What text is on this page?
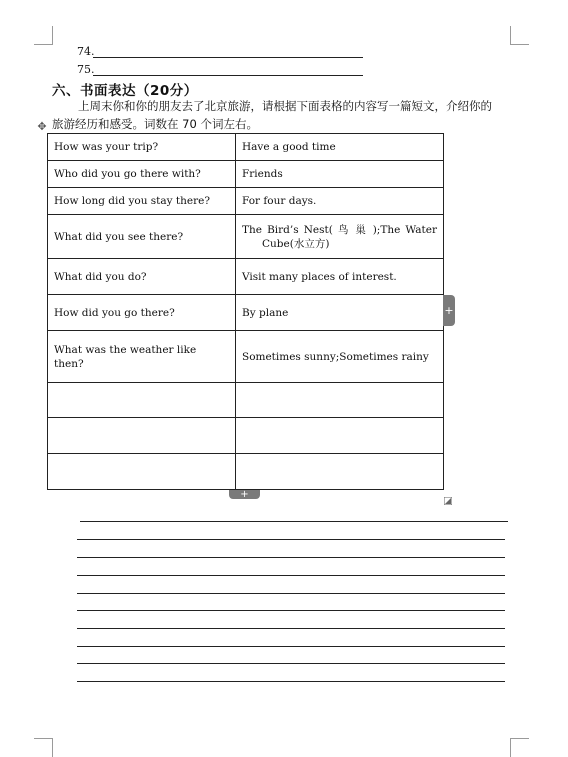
74.
75.
六、书面表达（20分）

上周末你和你的朋友去了北京旅游，请根据下面表格的内容写一篇短文，介绍你的

旅游经历和感受。词数在 70 个词左右。

✥
How was your trip?	Have a good time
Who did you go there with?	Friends
How long did you stay there?	For four days.
What did you see there?	The Bird’s Nest( 鸟 巢 );The Water
Cube(水立方)

What did you do?	Visit many places of interest.
How did you go there?	By plane
What was the weather like then?	Sometimes sunny;Sometimes rainy

+
+
